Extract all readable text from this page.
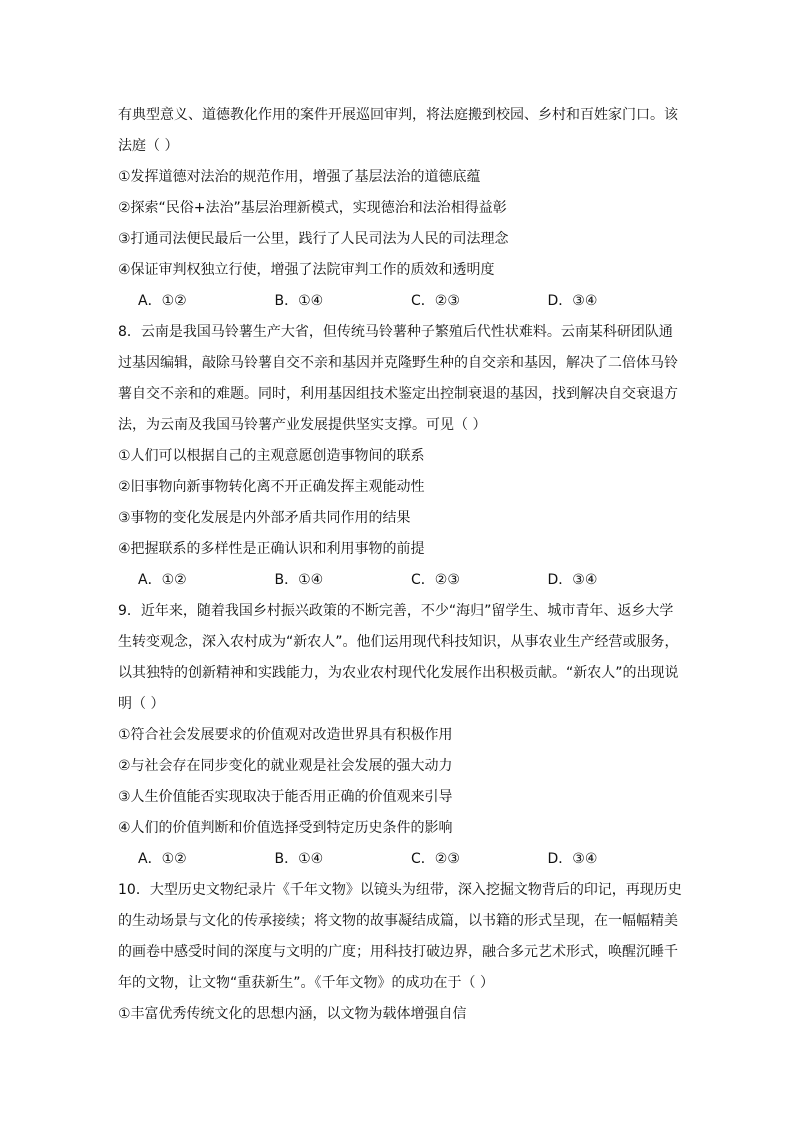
有典型意义、道德教化作用的案件开展巡回审判，将法庭搬到校园、乡村和百姓家门口。该
法庭（ ）
①发挥道德对法治的规范作用，增强了基层法治的道德底蕴
②探索“民俗+法治”基层治理新模式，实现德治和法治相得益彰
③打通司法便民最后一公里，践行了人民司法为人民的司法理念
④保证审判权独立行使，增强了法院审判工作的质效和透明度
A．①②	B．①④	C．②③	D．③④
8．云南是我国马铃薯生产大省，但传统马铃薯种子繁殖后代性状难料。云南某科研团队通
过基因编辑，敲除马铃薯自交不亲和基因并克隆野生种的自交亲和基因，解决了二倍体马铃
薯自交不亲和的难题。同时，利用基因组技术鉴定出控制衰退的基因，找到解决自交衰退方
法，为云南及我国马铃薯产业发展提供坚实支撑。可见（ ）
①人们可以根据自己的主观意愿创造事物间的联系
②旧事物向新事物转化离不开正确发挥主观能动性
③事物的变化发展是内外部矛盾共同作用的结果
④把握联系的多样性是正确认识和利用事物的前提
A．①②	B．①④	C．②③	D．③④
9．近年来，随着我国乡村振兴政策的不断完善，不少“海归”留学生、城市青年、返乡大学
生转变观念，深入农村成为“新农人”。他们运用现代科技知识，从事农业生产经营或服务，
以其独特的创新精神和实践能力，为农业农村现代化发展作出积极贡献。“新农人”的出现说
明（ ）
①符合社会发展要求的价值观对改造世界具有积极作用
②与社会存在同步变化的就业观是社会发展的强大动力
③人生价值能否实现取决于能否用正确的价值观来引导
④人们的价值判断和价值选择受到特定历史条件的影响
A．①②	B．①④	C．②③	D．③④
10．大型历史文物纪录片《千年文物》以镜头为纽带，深入挖掘文物背后的印记，再现历史
的生动场景与文化的传承接续；将文物的故事凝结成篇，以书籍的形式呈现，在一幅幅精美
的画卷中感受时间的深度与文明的广度；用科技打破边界，融合多元艺术形式，唤醒沉睡千
年的文物，让文物“重获新生”。《千年文物》的成功在于（ ）
①丰富优秀传统文化的思想内涵，以文物为载体增强自信
